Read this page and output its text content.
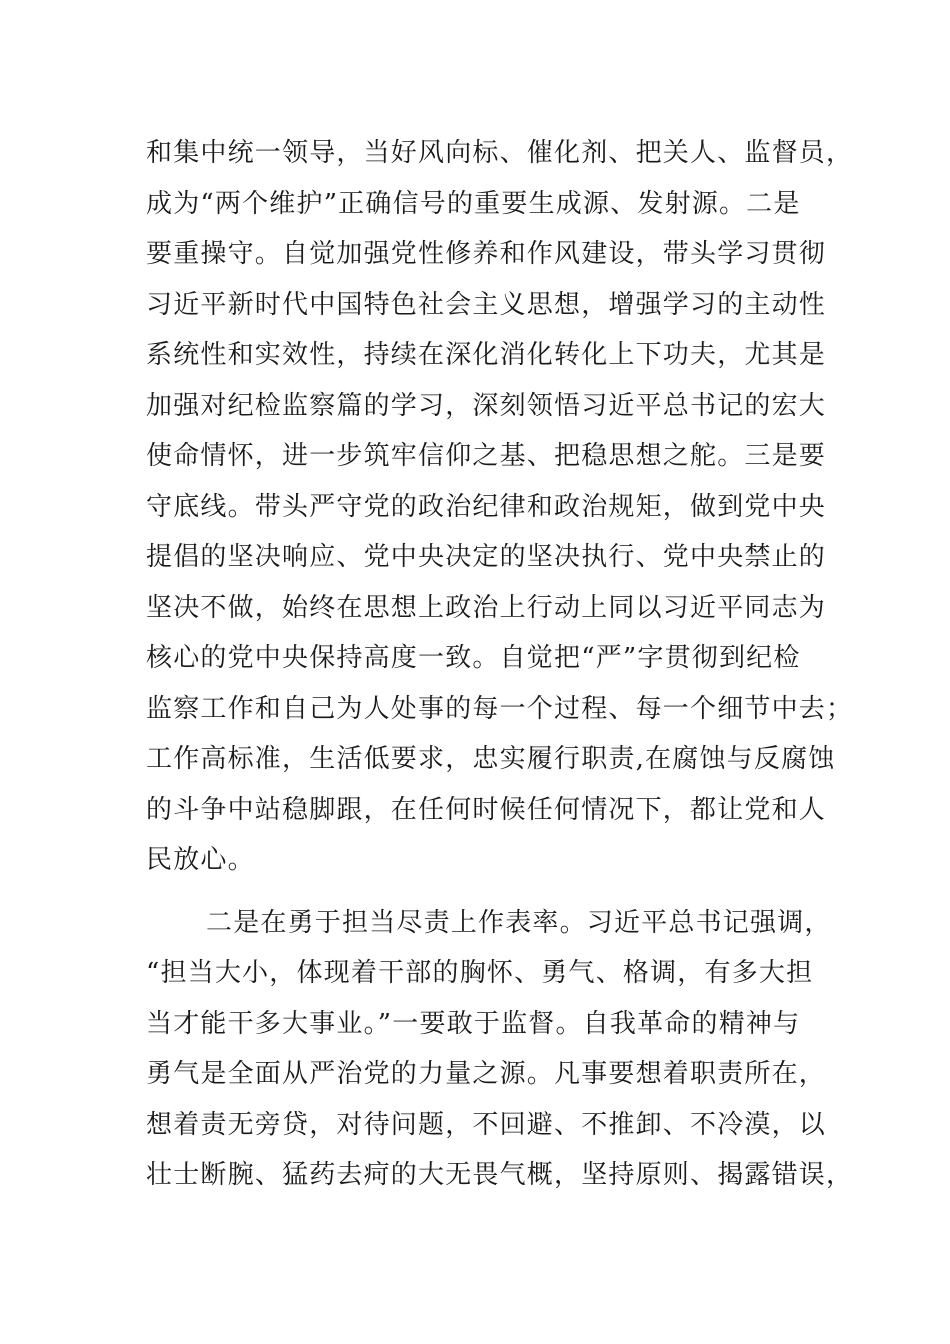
和集中统一领导，当好风向标、催化剂、把关人、监督员，
成为“两个维护”正确信号的重要生成源、发射源。二是
要重操守。自觉加强党性修养和作风建设，带头学习贯彻
习近平新时代中国特色社会主义思想，增强学习的主动性
系统性和实效性，持续在深化消化转化上下功夫，尤其是
加强对纪检监察篇的学习，深刻领悟习近平总书记的宏大
使命情怀，进一步筑牢信仰之基、把稳思想之舵。三是要
守底线。带头严守党的政治纪律和政治规矩，做到党中央
提倡的坚决响应、党中央决定的坚决执行、党中央禁止的
坚决不做，始终在思想上政治上行动上同以习近平同志为
核心的党中央保持高度一致。自觉把“严”字贯彻到纪检
监察工作和自己为人处事的每一个过程、每一个细节中去；
工作高标准，生活低要求，忠实履行职责,在腐蚀与反腐蚀
的斗争中站稳脚跟，在任何时候任何情况下，都让党和人
民放心。
二是在勇于担当尽责上作表率。习近平总书记强调，
“担当大小，体现着干部的胸怀、勇气、格调，有多大担
当才能干多大事业。”一要敢于监督。自我革命的精神与
勇气是全面从严治党的力量之源。凡事要想着职责所在，
想着责无旁贷，对待问题，不回避、不推卸、不冷漠，以
壮士断腕、猛药去疴的大无畏气概，坚持原则、揭露错误，
